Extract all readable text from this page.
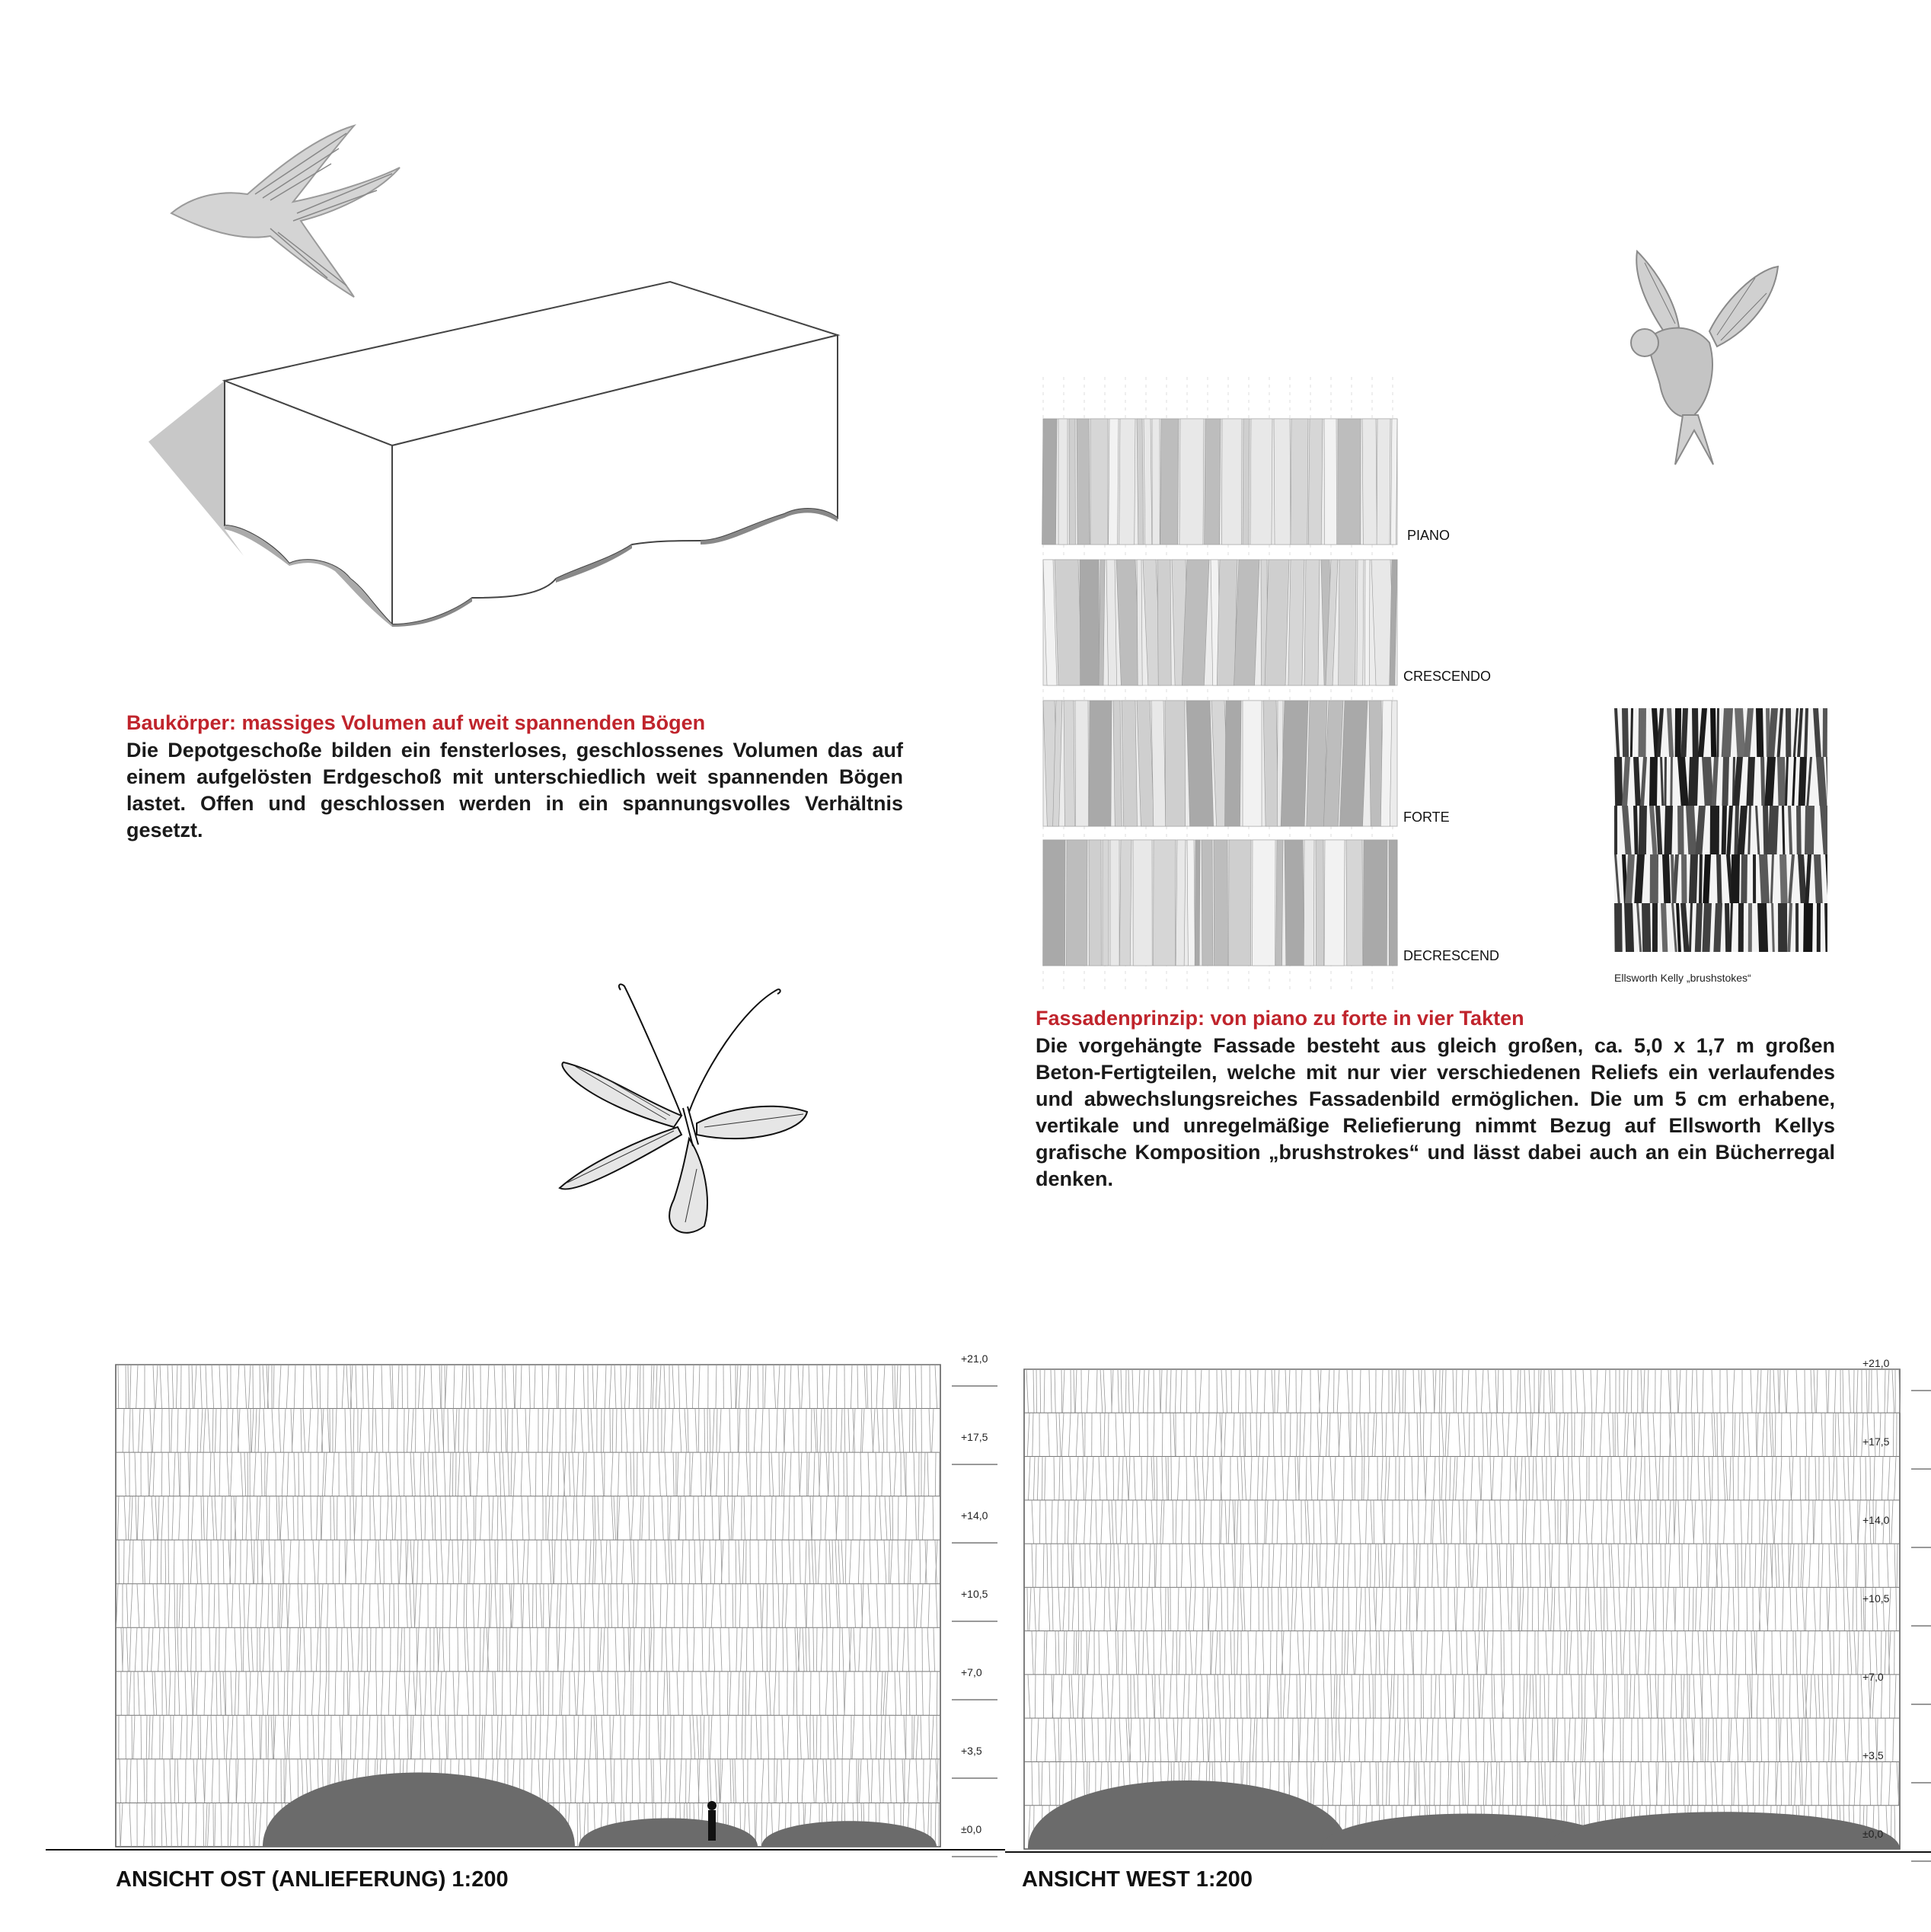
Baukörper: massiges Volumen auf weit spannenden Bögen
Die Depotgeschoße bilden ein fensterloses, geschlossenes Volumen das auf einem aufgelösten Erdgeschoß mit unterschiedlich weit spannenden Bögen lastet. Offen und geschlossen werden in ein spannungsvolles Verhältnis gesetzt.
PIANO
CRESCENDO
FORTE
DECRESCEND
Ellsworth Kelly „brushstokes“
Fassadenprinzip: von piano zu forte in vier Takten
Die vorgehängte Fassade besteht aus gleich großen, ca. 5,0 x 1,7 m großen Beton-Fertigteilen, welche mit nur vier verschiedenen Reliefs ein verlaufendes und abwechslungsreiches Fassadenbild ermöglichen. Die um 5 cm erhabene, vertikale und unregelmäßige Reliefierung nimmt Bezug auf Ellsworth Kellys grafische Komposition „brushstrokes“ und lässt dabei auch an ein Bücherregal denken.
+21,0
+17,5
+14,0
+10,5
+7,0
+3,5
±0,0
+21,0
+17,5
+14,0
+10,5
+7,0
+3,5
±0,0
ANSICHT OST (ANLIEFERUNG) 1:200	ANSICHT WEST 1:200
